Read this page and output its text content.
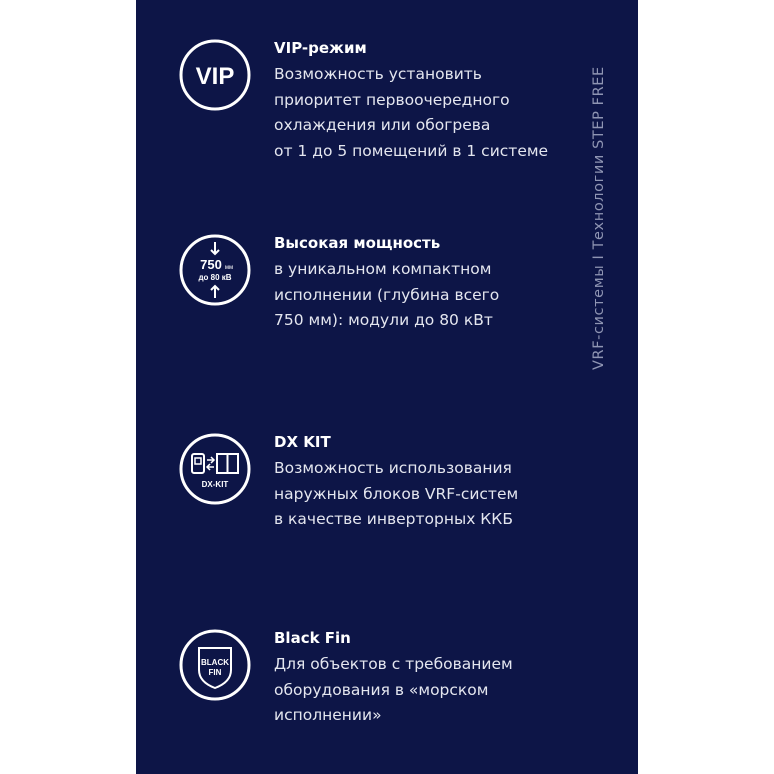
VRF-системы I Технологии STEP FREE
VIP
VIP-режим
Возможность установить
приоритет первоочередного
охлаждения или обогрева
от 1 до 5 помещений в 1 системе
750 мм
до 80 кВ
Высокая мощность
в уникальном компактном
исполнении (глубина всего
750 мм): модули до 80 кВт
DX-KIT
DX KIT
Возможность использования
наружных блоков VRF-систем
в качестве инверторных ККБ
BLACK
FIN
Black Fin
Для объектов с требованием
оборудования в «морском
исполнении»
